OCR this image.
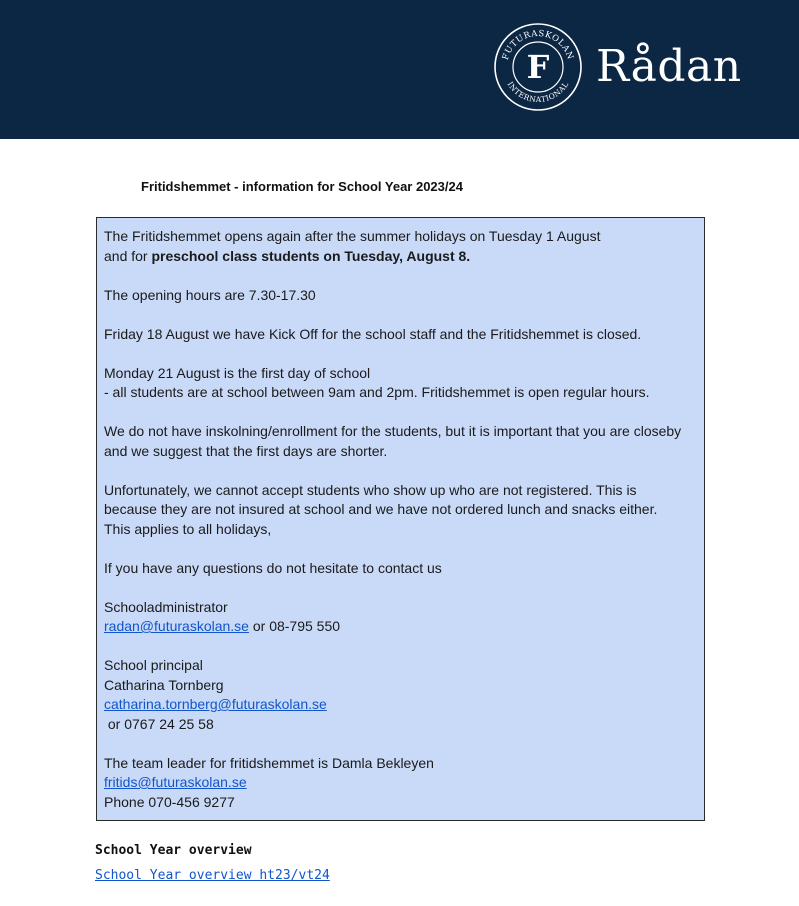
FUTURASKOLAN
INTERNATIONAL
F Rådan
Fritidshemmet - information for School Year 2023/24

The Fritidshemmet opens again after the summer holidays on Tuesday 1 August
and for preschool class students on Tuesday, August 8.

The opening hours are 7.30-17.30

Friday 18 August we have Kick Off for the school staff and the Fritidshemmet is closed.

Monday 21 August is the first day of school
- all students are at school between 9am and 2pm. Fritidshemmet is open regular hours.

We do not have inskolning/enrollment for the students, but it is important that you are closeby
and we suggest that the first days are shorter.

Unfortunately, we cannot accept students who show up who are not registered. This is
because they are not insured at school and we have not ordered lunch and snacks either.
This applies to all holidays,

If you have any questions do not hesitate to contact us

Schooladministrator
radan@futuraskolan.se or 08-795 550

School principal
Catharina Tornberg
catharina.tornberg@futuraskolan.se
or 0767 24 25 58

The team leader for fritidshemmet is Damla Bekleyen
fritids@futuraskolan.se
Phone 070-456 9277

School Year overview
School Year overview ht23/vt24
